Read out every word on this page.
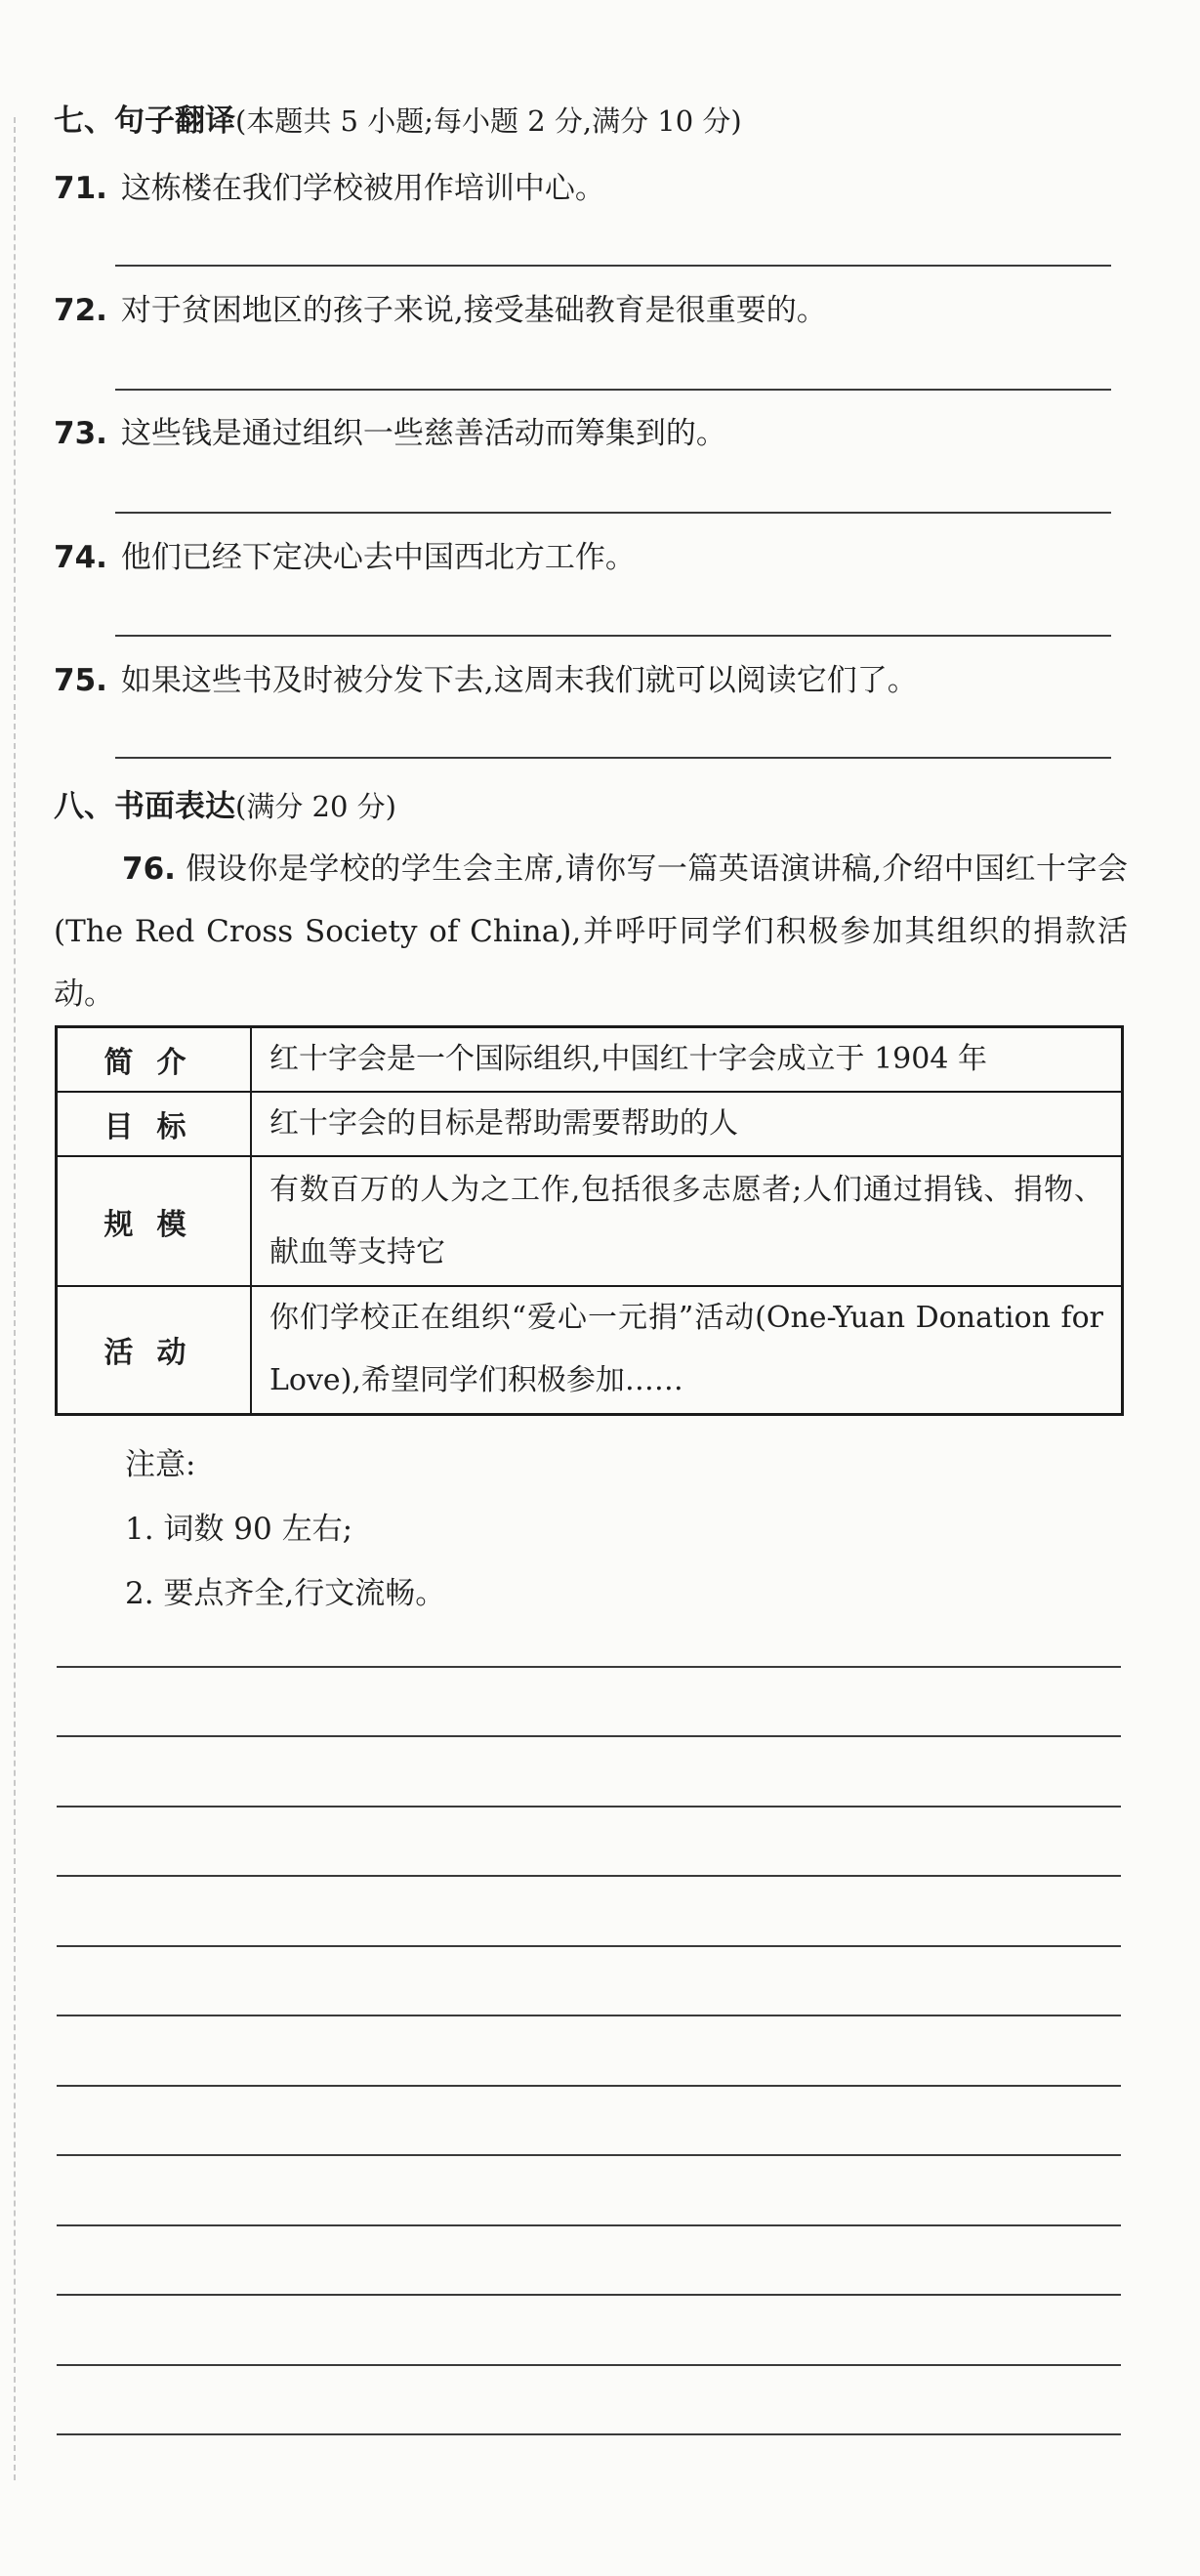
七、句子翻译(本题共 5 小题;每小题 2 分,满分 10 分)
71. 这栋楼在我们学校被用作培训中心。
72. 对于贫困地区的孩子来说,接受基础教育是很重要的。
73. 这些钱是通过组织一些慈善活动而筹集到的。
74. 他们已经下定决心去中国西北方工作。
75. 如果这些书及时被分发下去,这周末我们就可以阅读它们了。
八、书面表达(满分 20 分)
76. 假设你是学校的学生会主席,请你写一篇英语演讲稿,介绍中国红十字会(The Red Cross Society of China),并呼吁同学们积极参加其组织的捐款活动。
简介	红十字会是一个国际组织,中国红十字会成立于 1904 年
目标	红十字会的目标是帮助需要帮助的人
规模	有数百万的人为之工作,包括很多志愿者;人们通过捐钱、捐物、献血等支持它
活动	你们学校正在组织“爱心一元捐”活动(One-Yuan Donation for Love),希望同学们积极参加……
注意:
1. 词数 90 左右;
2. 要点齐全,行文流畅。
